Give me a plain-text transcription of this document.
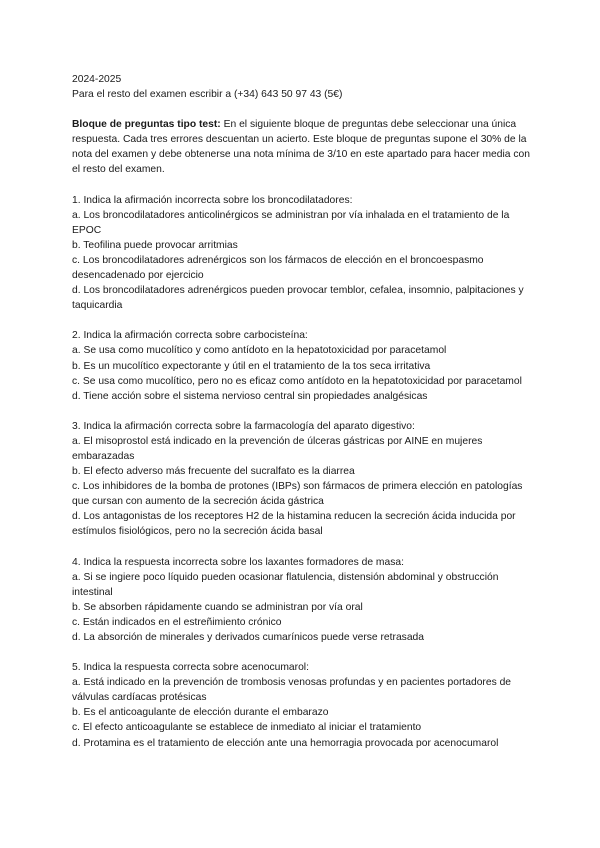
2024-2025
Para el resto del examen escribir a (+34) 643 50 97 43 (5€)
Bloque de preguntas tipo test: En el siguiente bloque de preguntas debe seleccionar una única respuesta. Cada tres errores descuentan un acierto. Este bloque de preguntas supone el 30% de la nota del examen y debe obtenerse una nota mínima de 3/10 en este apartado para hacer media con el resto del examen.
1. Indica la afirmación incorrecta sobre los broncodilatadores:
a. Los broncodilatadores anticolinérgicos se administran por vía inhalada en el tratamiento de la EPOC
b. Teofilina puede provocar arritmias
c. Los broncodilatadores adrenérgicos son los fármacos de elección en el broncoespasmo desencadenado por ejercicio
d. Los broncodilatadores adrenérgicos pueden provocar temblor, cefalea, insomnio, palpitaciones y taquicardia
2. Indica la afirmación correcta sobre carbocisteína:
a. Se usa como mucolítico y como antídoto en la hepatotoxicidad por paracetamol
b. Es un mucolítico expectorante y útil en el tratamiento de la tos seca irritativa
c. Se usa como mucolítico, pero no es eficaz como antídoto en la hepatotoxicidad por paracetamol
d. Tiene acción sobre el sistema nervioso central sin propiedades analgésicas
3. Indica la afirmación correcta sobre la farmacología del aparato digestivo:
a. El misoprostol está indicado en la prevención de úlceras gástricas por AINE en mujeres embarazadas
b. El efecto adverso más frecuente del sucralfato es la diarrea
c. Los inhibidores de la bomba de protones (IBPs) son fármacos de primera elección en patologías que cursan con aumento de la secreción ácida gástrica
d. Los antagonistas de los receptores H2 de la histamina reducen la secreción ácida inducida por estímulos fisiológicos, pero no la secreción ácida basal
4. Indica la respuesta incorrecta sobre los laxantes formadores de masa:
a. Si se ingiere poco líquido pueden ocasionar flatulencia, distensión abdominal y obstrucción intestinal
b. Se absorben rápidamente cuando se administran por vía oral
c. Están indicados en el estreñimiento crónico
d. La absorción de minerales y derivados cumarínicos puede verse retrasada
5. Indica la respuesta correcta sobre acenocumarol:
a. Está indicado en la prevención de trombosis venosas profundas y en pacientes portadores de válvulas cardíacas protésicas
b. Es el anticoagulante de elección durante el embarazo
c. El efecto anticoagulante se establece de inmediato al iniciar el tratamiento
d. Protamina es el tratamiento de elección ante una hemorragia provocada por acenocumarol
